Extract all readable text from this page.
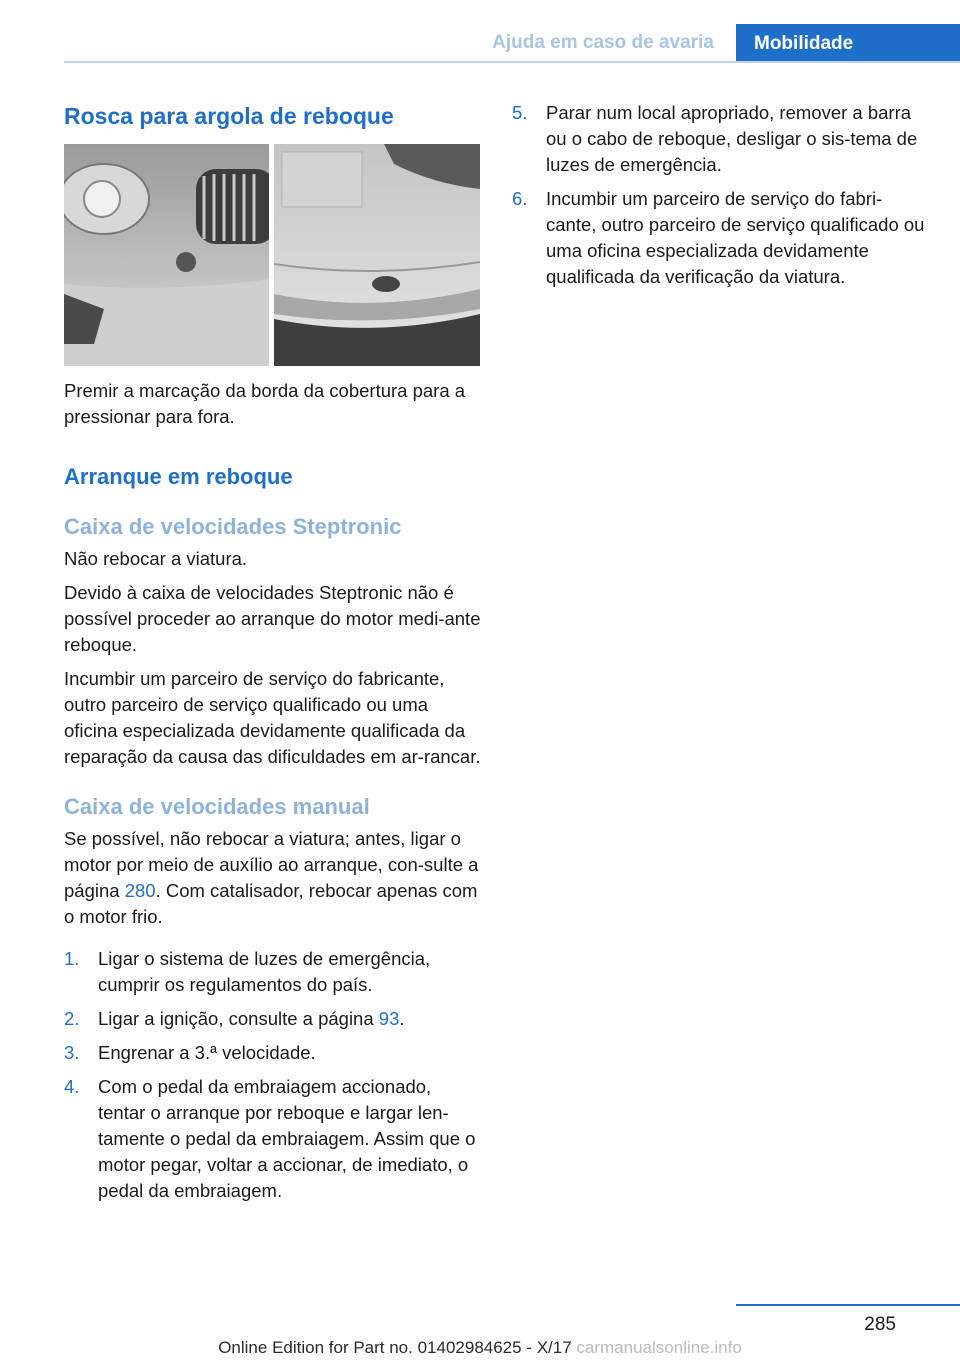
Ajuda em caso de avaria	Mobilidade
Rosca para argola de reboque

Premir a marcação da borda da cobertura para a pressionar para fora.

Arranque em reboque
Caixa de velocidades Steptronic

Não rebocar a viatura.

Devido à caixa de velocidades Steptronic não é possível proceder ao arranque do motor medi-ante reboque.

Incumbir um parceiro de serviço do fabricante, outro parceiro de serviço qualificado ou uma oficina especializada devidamente qualificada da reparação da causa das dificuldades em ar-rancar.

Caixa de velocidades manual

Se possível, não rebocar a viatura; antes, ligar o motor por meio de auxílio ao arranque, con-sulte a página 280. Com catalisador, rebocar apenas com o motor frio.

1.	Ligar o sistema de luzes de emergência, cumprir os regulamentos do país.
2.	Ligar a ignição, consulte a página 93.
3.	Engrenar a 3.ª velocidade.
4.	Com o pedal da embraiagem accionado, tentar o arranque por reboque e largar len-tamente o pedal da embraiagem. Assim que o motor pegar, voltar a accionar, de imediato, o pedal da embraiagem.
5.	Parar num local apropriado, remover a barra ou o cabo de reboque, desligar o sis-tema de luzes de emergência.
6.	Incumbir um parceiro de serviço do fabri-cante, outro parceiro de serviço qualificado ou uma oficina especializada devidamente qualificada da verificação da viatura.
285
Online Edition for Part no. 01402984625 - X/17 carmanualsonline.info
